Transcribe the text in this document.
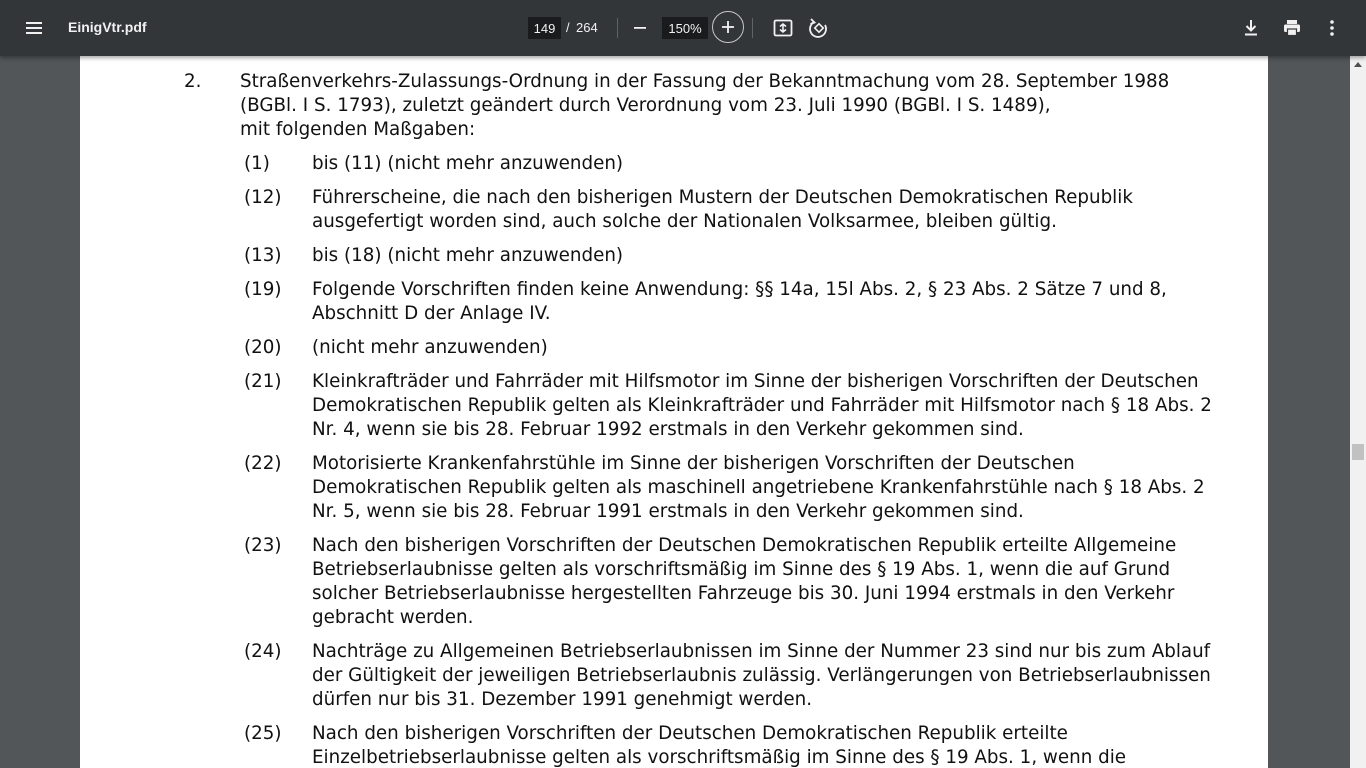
EinigVtr.pdf
149	/ 264
150%
2. Straßenverkehrs-Zulassungs-Ordnung in der Fassung der Bekanntmachung vom 28. September 1988
(BGBl. I S. 1793), zuletzt geändert durch Verordnung vom 23. Juli 1990 (BGBl. I S. 1489),
mit folgenden Maßgaben:
(1) bis (11) (nicht mehr anzuwenden)
(12) Führerscheine, die nach den bisherigen Mustern der Deutschen Demokratischen Republik
ausgefertigt worden sind, auch solche der Nationalen Volksarmee, bleiben gültig.
(13) bis (18) (nicht mehr anzuwenden)
(19) Folgende Vorschriften finden keine Anwendung: §§ 14a, 15l Abs. 2, § 23 Abs. 2 Sätze 7 und 8,
Abschnitt D der Anlage IV.
(20) (nicht mehr anzuwenden)
(21) Kleinkrafträder und Fahrräder mit Hilfsmotor im Sinne der bisherigen Vorschriften der Deutschen
Demokratischen Republik gelten als Kleinkrafträder und Fahrräder mit Hilfsmotor nach § 18 Abs. 2
Nr. 4, wenn sie bis 28. Februar 1992 erstmals in den Verkehr gekommen sind.
(22) Motorisierte Krankenfahrstühle im Sinne der bisherigen Vorschriften der Deutschen
Demokratischen Republik gelten als maschinell angetriebene Krankenfahrstühle nach § 18 Abs. 2
Nr. 5, wenn sie bis 28. Februar 1991 erstmals in den Verkehr gekommen sind.
(23) Nach den bisherigen Vorschriften der Deutschen Demokratischen Republik erteilte Allgemeine
Betriebserlaubnisse gelten als vorschriftsmäßig im Sinne des § 19 Abs. 1, wenn die auf Grund
solcher Betriebserlaubnisse hergestellten Fahrzeuge bis 30. Juni 1994 erstmals in den Verkehr
gebracht werden.
(24) Nachträge zu Allgemeinen Betriebserlaubnissen im Sinne der Nummer 23 sind nur bis zum Ablauf
der Gültigkeit der jeweiligen Betriebserlaubnis zulässig. Verlängerungen von Betriebserlaubnissen
dürfen nur bis 31. Dezember 1991 genehmigt werden.
(25) Nach den bisherigen Vorschriften der Deutschen Demokratischen Republik erteilte
Einzelbetriebserlaubnisse gelten als vorschriftsmäßig im Sinne des § 19 Abs. 1, wenn die
